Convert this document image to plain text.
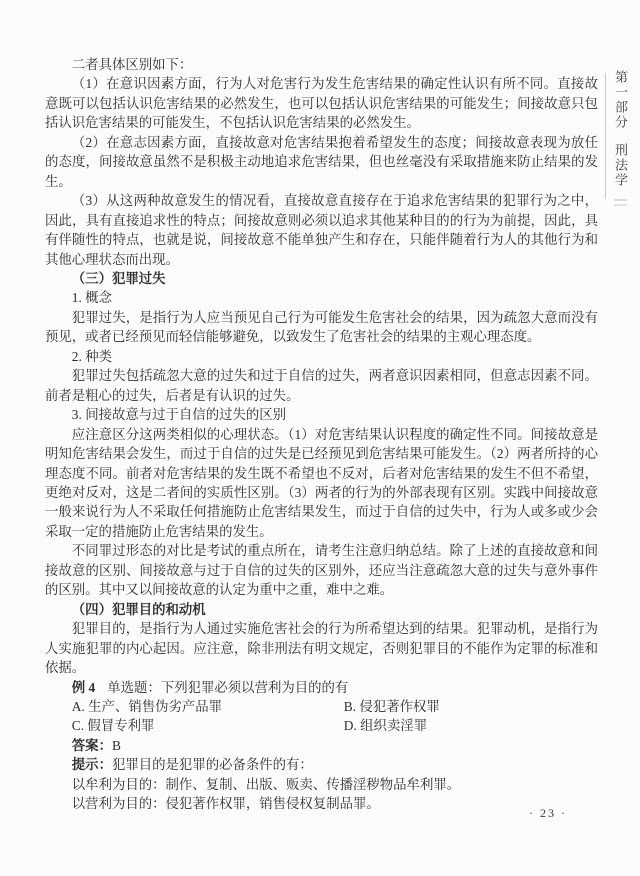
二者具体区别如下：

（1）在意识因素方面，行为人对危害行为发生危害结果的确定性认识有所不同。直接故意既可以包括认识危害结果的必然发生，也可以包括认识危害结果的可能发生；间接故意只包括认识危害结果的可能发生，不包括认识危害结果的必然发生。

（2）在意志因素方面，直接故意对危害结果抱着希望发生的态度；间接故意表现为放任的态度，间接故意虽然不是积极主动地追求危害结果，但也丝毫没有采取措施来防止结果的发生。

（3）从这两种故意发生的情况看，直接故意直接存在于追求危害结果的犯罪行为之中，因此，具有直接追求性的特点；间接故意则必须以追求其他某种目的的行为为前提，因此，具有伴随性的特点，也就是说，间接故意不能单独产生和存在，只能伴随着行为人的其他行为和其他心理状态而出现。

（三）犯罪过失

1. 概念

犯罪过失，是指行为人应当预见自己行为可能发生危害社会的结果，因为疏忽大意而没有预见，或者已经预见而轻信能够避免，以致发生了危害社会的结果的主观心理态度。

2. 种类

犯罪过失包括疏忽大意的过失和过于自信的过失，两者意识因素相同，但意志因素不同。前者是粗心的过失，后者是有认识的过失。

3. 间接故意与过于自信的过失的区别

应注意区分这两类相似的心理状态。（1）对危害结果认识程度的确定性不同。间接故意是明知危害结果会发生，而过于自信的过失是已经预见到危害结果可能发生。（2）两者所持的心理态度不同。前者对危害结果的发生既不希望也不反对，后者对危害结果的发生不但不希望，更绝对反对，这是二者间的实质性区别。（3）两者的行为的外部表现有区别。实践中间接故意一般来说行为人不采取任何措施防止危害结果发生，而过于自信的过失中，行为人或多或少会采取一定的措施防止危害结果的发生。

不同罪过形态的对比是考试的重点所在，请考生注意归纳总结。除了上述的直接故意和间接故意的区别、间接故意与过于自信的过失的区别外，还应当注意疏忽大意的过失与意外事件的区别。其中又以间接故意的认定为重中之重，难中之难。

（四）犯罪目的和动机

犯罪目的，是指行为人通过实施危害社会的行为所希望达到的结果。犯罪动机，是指行为人实施犯罪的内心起因。应注意，除非刑法有明文规定，否则犯罪目的不能作为定罪的标准和依据。

例 4 单选题：下列犯罪必须以营利为目的的有

A. 生产、销售伪劣产品罪	B. 侵犯著作权罪
C. 假冒专利罪	D. 组织卖淫罪

答案：B

提示：犯罪目的是犯罪的必备条件的有：

以牟利为目的：制作、复制、出版、贩卖、传播淫秽物品牟利罪。

以营利为目的：侵犯著作权罪，销售侵权复制品罪。

第一部分
刑法学
· 23 ·
